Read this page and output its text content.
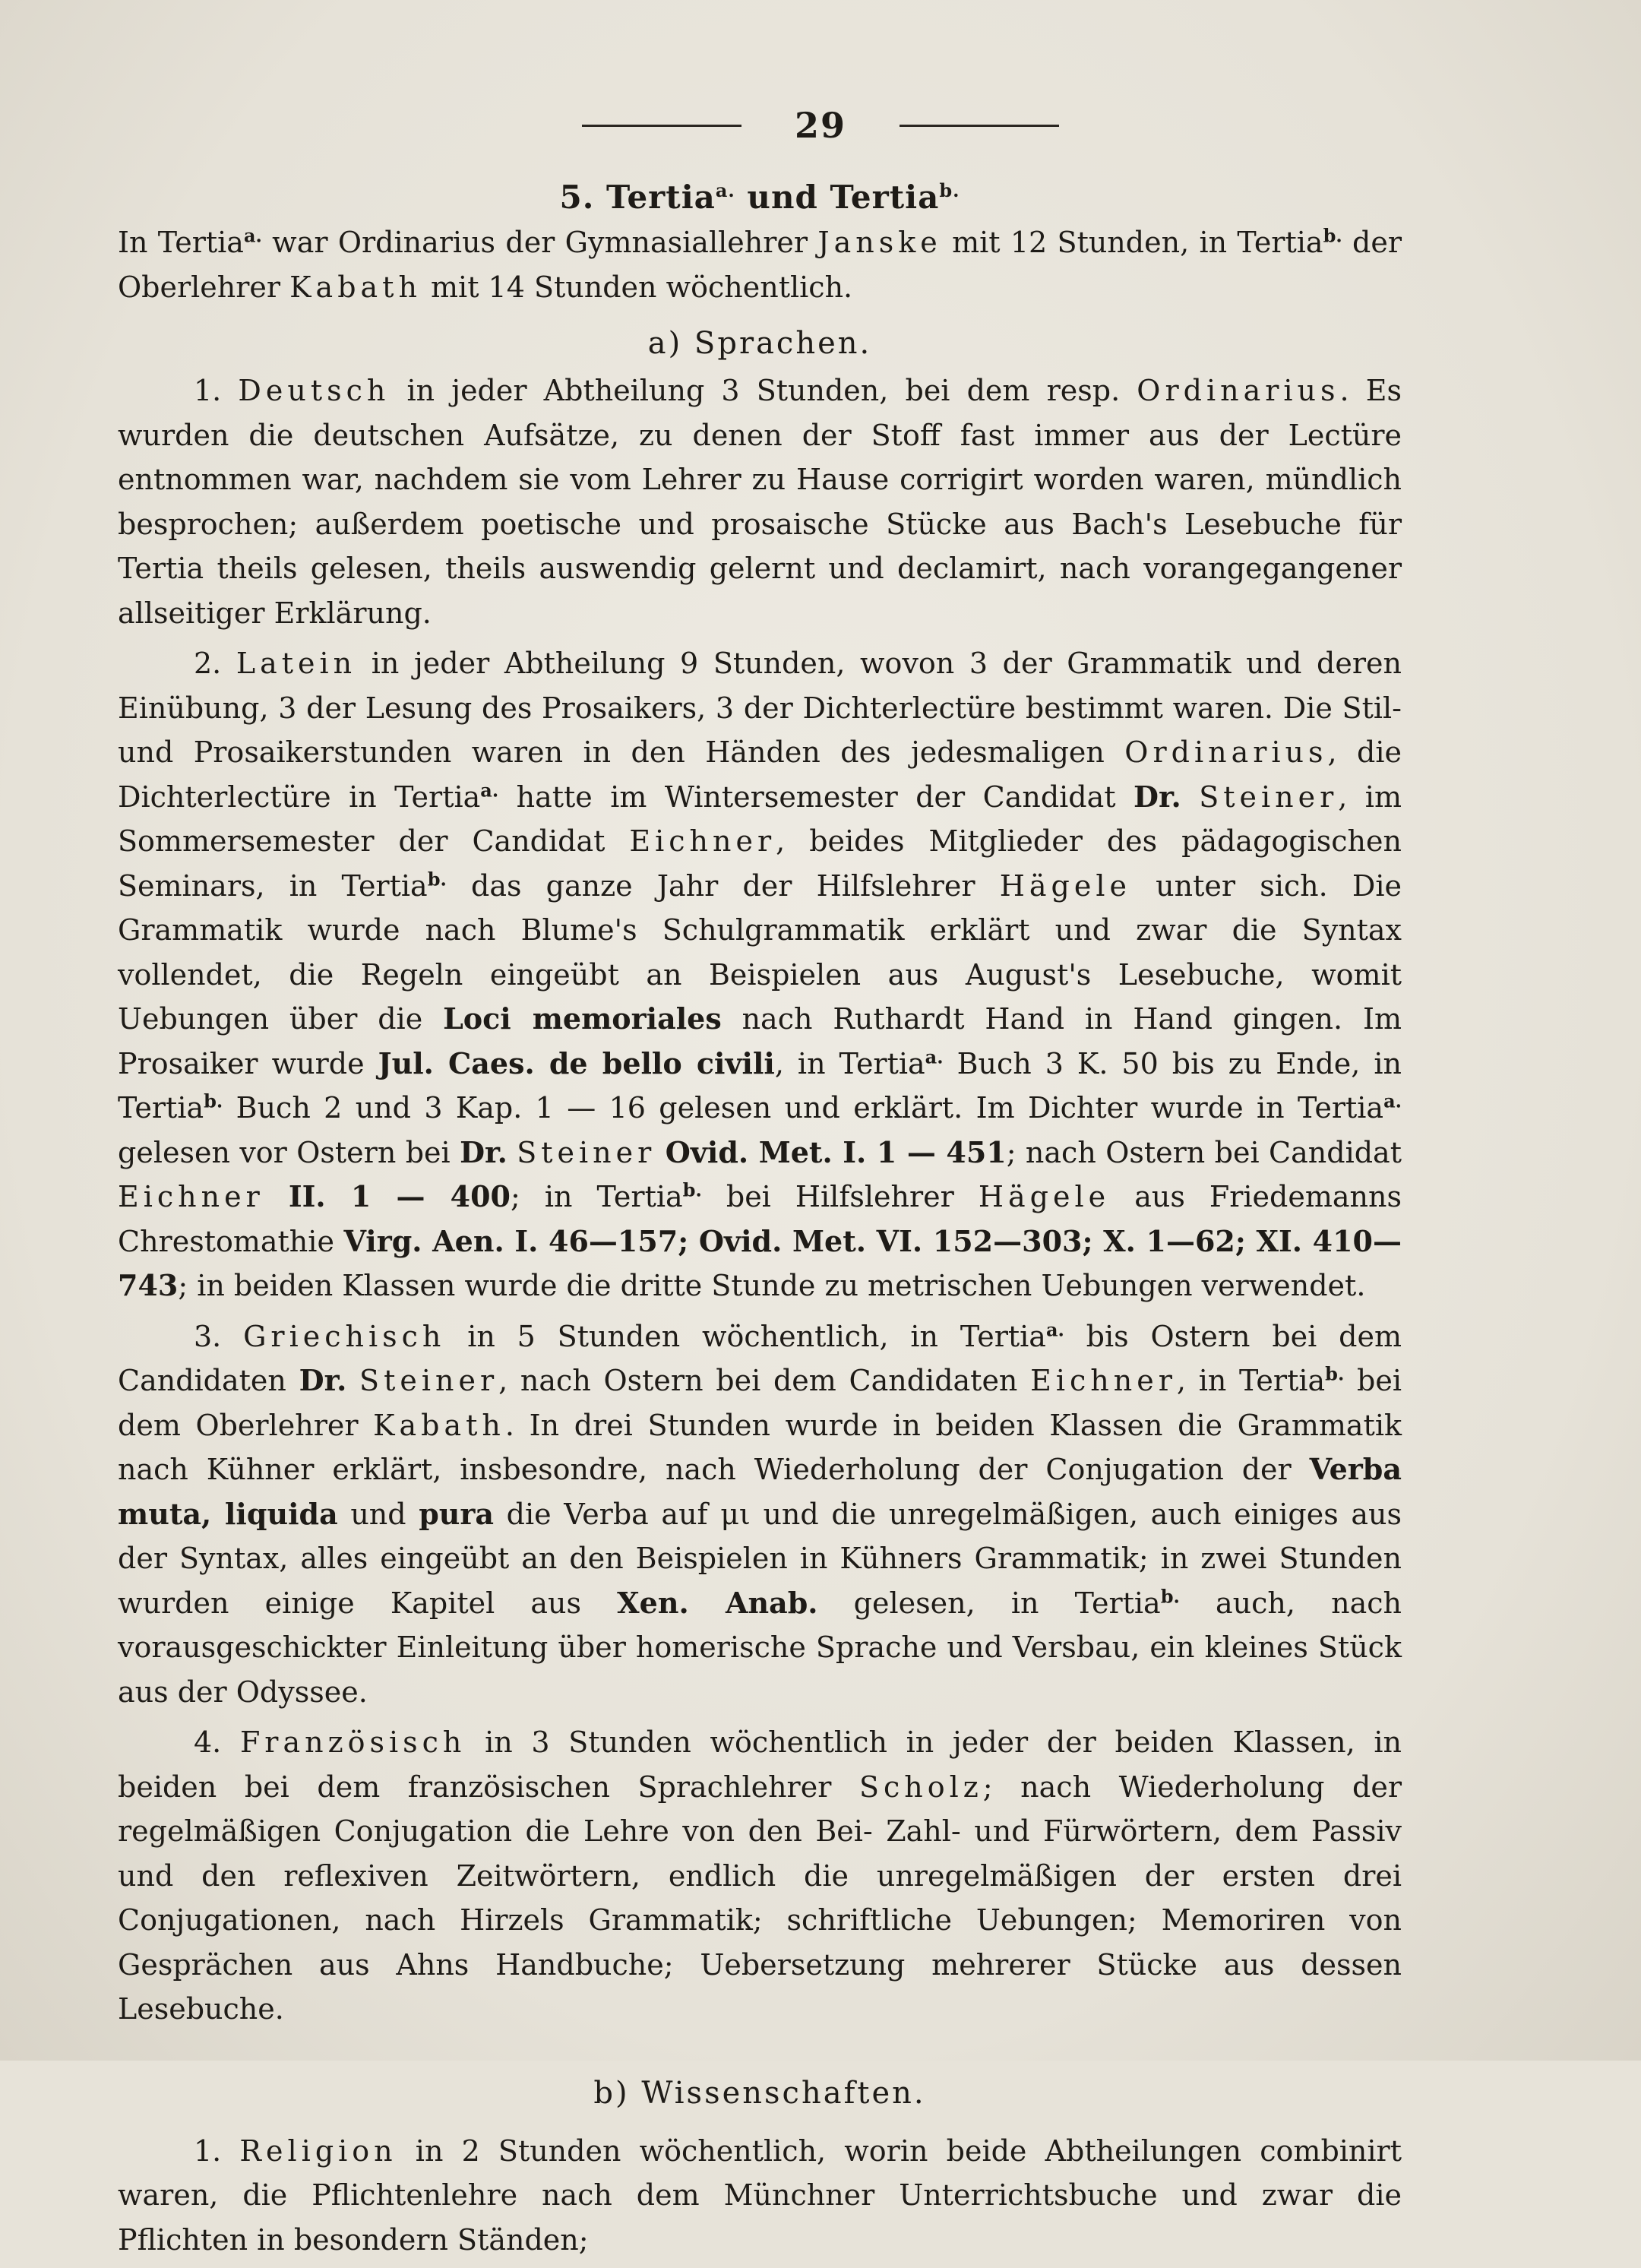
29
5. Tertia$^{a.}$ und Tertia$^{b.}$

In Tertia$^{a.}$ war Ordinarius der Gymnasiallehrer Janske mit 12 Stunden, in Tertia$^{b.}$ der Oberlehrer Kabath mit 14 Stunden wöchentlich.

a) Sprachen.

1. Deutsch in jeder Abtheilung 3 Stunden, bei dem resp. Ordinarius. Es wurden die deutschen Aufsätze, zu denen der Stoff fast immer aus der Lectüre entnommen war, nachdem sie vom Lehrer zu Hause corrigirt worden waren, mündlich besprochen; außerdem poetische und prosaische Stücke aus Bach's Lesebuche für Tertia theils gelesen, theils auswendig gelernt und declamirt, nach vorangegangener allseitiger Erklärung.

2. Latein in jeder Abtheilung 9 Stunden, wovon 3 der Grammatik und deren Einübung, 3 der Lesung des Prosaikers, 3 der Dichterlectüre bestimmt waren. Die Stil- und Prosaikerstunden waren in den Händen des jedesmaligen Ordinarius, die Dichterlectüre in Tertia$^{a.}$ hatte im Wintersemester der Candidat Dr. Steiner, im Sommersemester der Candidat Eichner, beides Mitglieder des pädagogischen Seminars, in Tertia$^{b.}$ das ganze Jahr der Hilfslehrer Hägele unter sich. Die Grammatik wurde nach Blume's Schulgrammatik erklärt und zwar die Syntax vollendet, die Regeln eingeübt an Beispielen aus August's Lesebuche, womit Uebungen über die Loci memoriales nach Ruthardt Hand in Hand gingen. Im Prosaiker wurde Jul. Caes. de bello civili, in Tertia$^{a.}$ Buch 3 K. 50 bis zu Ende, in Tertia$^{b.}$ Buch 2 und 3 Kap. 1 — 16 gelesen und erklärt. Im Dichter wurde in Tertia$^{a.}$ gelesen vor Ostern bei Dr. Steiner Ovid. Met. I. 1 — 451; nach Ostern bei Candidat Eichner II. 1 — 400; in Tertia$^{b.}$ bei Hilfslehrer Hägele aus Friedemanns Chrestomathie Virg. Aen. I. 46—157; Ovid. Met. VI. 152—303; X. 1—62; XI. 410—743; in beiden Klassen wurde die dritte Stunde zu metrischen Uebungen verwendet.

3. Griechisch in 5 Stunden wöchentlich, in Tertia$^{a.}$ bis Ostern bei dem Candidaten Dr. Steiner, nach Ostern bei dem Candidaten Eichner, in Tertia$^{b.}$ bei dem Oberlehrer Kabath. In drei Stunden wurde in beiden Klassen die Grammatik nach Kühner erklärt, insbesondre, nach Wiederholung der Conjugation der Verba muta, liquida und pura die Verba auf μι und die unregelmäßigen, auch einiges aus der Syntax, alles eingeübt an den Beispielen in Kühners Grammatik; in zwei Stunden wurden einige Kapitel aus Xen. Anab. gelesen, in Tertia$^{b.}$ auch, nach vorausgeschickter Einleitung über homerische Sprache und Versbau, ein kleines Stück aus der Odyssee.

4. Französisch in 3 Stunden wöchentlich in jeder der beiden Klassen, in beiden bei dem französischen Sprachlehrer Scholz; nach Wiederholung der regelmäßigen Conjugation die Lehre von den Bei- Zahl- und Fürwörtern, dem Passiv und den reflexiven Zeitwörtern, endlich die unregelmäßigen der ersten drei Conjugationen, nach Hirzels Grammatik; schriftliche Uebungen; Memoriren von Gesprächen aus Ahns Handbuche; Uebersetzung mehrerer Stücke aus dessen Lesebuche.

b) Wissenschaften.

1. Religion in 2 Stunden wöchentlich, worin beide Abtheilungen combinirt waren, die Pflichtenlehre nach dem Münchner Unterrichtsbuche und zwar die Pflichten in besondern Ständen;
